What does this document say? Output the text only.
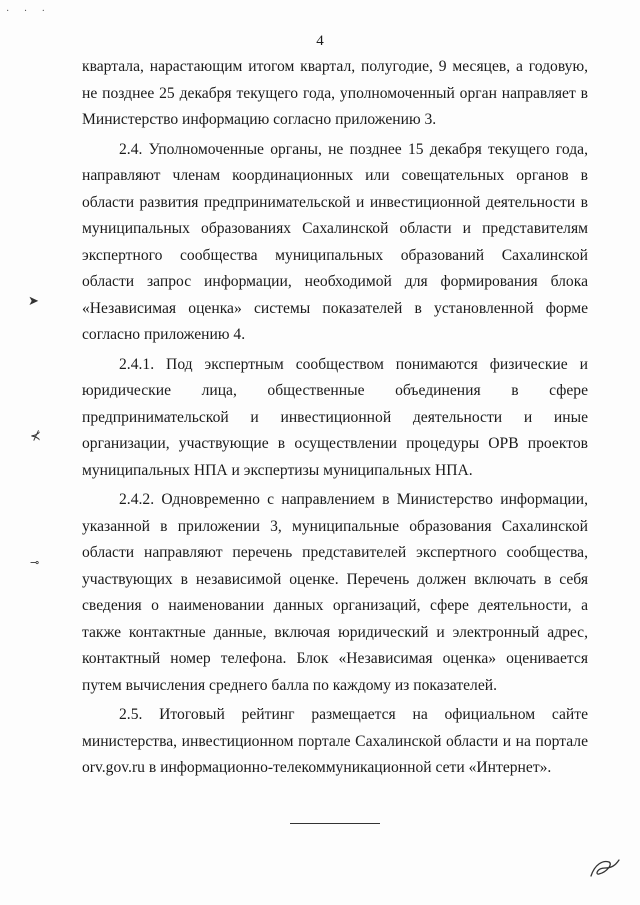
· · ·
4

квартала, нарастающим итогом квартал, полугодие, 9 месяцев, а годовую, не позднее 25 декабря текущего года, уполномоченный орган направляет в Министерство информацию согласно приложению 3.

2.4. Уполномоченные органы, не позднее 15 декабря текущего года, направляют членам координационных или совещательных органов в области развития предпринимательской и инвестиционной деятельности в муниципальных образованиях Сахалинской области и представителям экспертного сообщества муниципальных образований Сахалинской области запрос информации, необходимой для формирования блока «Независимая оценка» системы показателей в установленной форме согласно приложению 4.

2.4.1. Под экспертным сообществом понимаются физические и юридические лица, общественные объединения в сфере предпринимательской и инвестиционной деятельности и иные организации, участвующие в осуществлении процедуры ОРВ проектов муниципальных НПА и экспертизы муниципальных НПА.

2.4.2. Одновременно с направлением в Министерство информации, указанной в приложении 3, муниципальные образования Сахалинской области направляют перечень представителей экспертного сообщества, участвующих в независимой оценке. Перечень должен включать в себя сведения о наименовании данных организаций, сфере деятельности, а также контактные данные, включая юридический и электронный адрес, контактный номер телефона. Блок «Независимая оценка» оценивается путем вычисления среднего балла по каждому из показателей.

2.5. Итоговый рейтинг размещается на официальном сайте министерства, инвестиционном портале Сахалинской области и на портале orv.gov.ru в информационно-телекоммуникационной сети «Интернет».

➤
⊀
⊸
